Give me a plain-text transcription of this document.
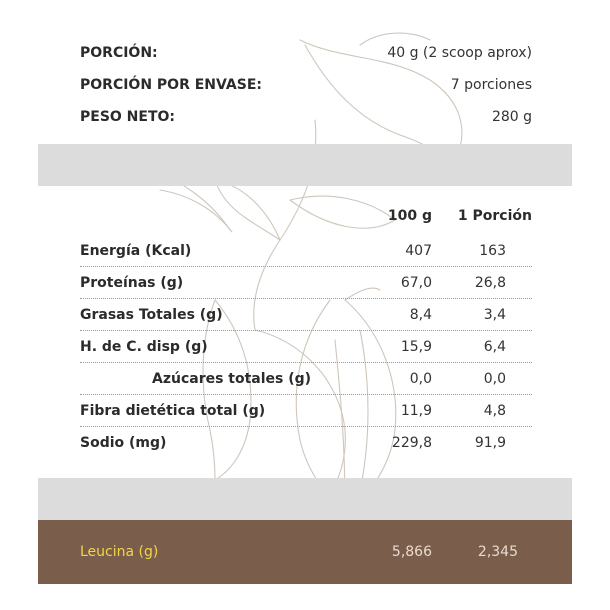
PORCIÓN:	40 g (2 scoop aprox)
PORCIÓN POR ENVASE:	7 porciones
PESO NETO:	280 g
100 g 1 Porción
Energía (Kcal)	407	163
Proteínas (g)	67,0	26,8
Grasas Totales (g)	8,4	3,4
H. de C. disp (g)	15,9	6,4
Azúcares totales (g)	0,0	0,0
Fibra dietética total (g)	11,9	4,8
Sodio (mg)	229,8	91,9
Leucina (g)	5,866	2,345
